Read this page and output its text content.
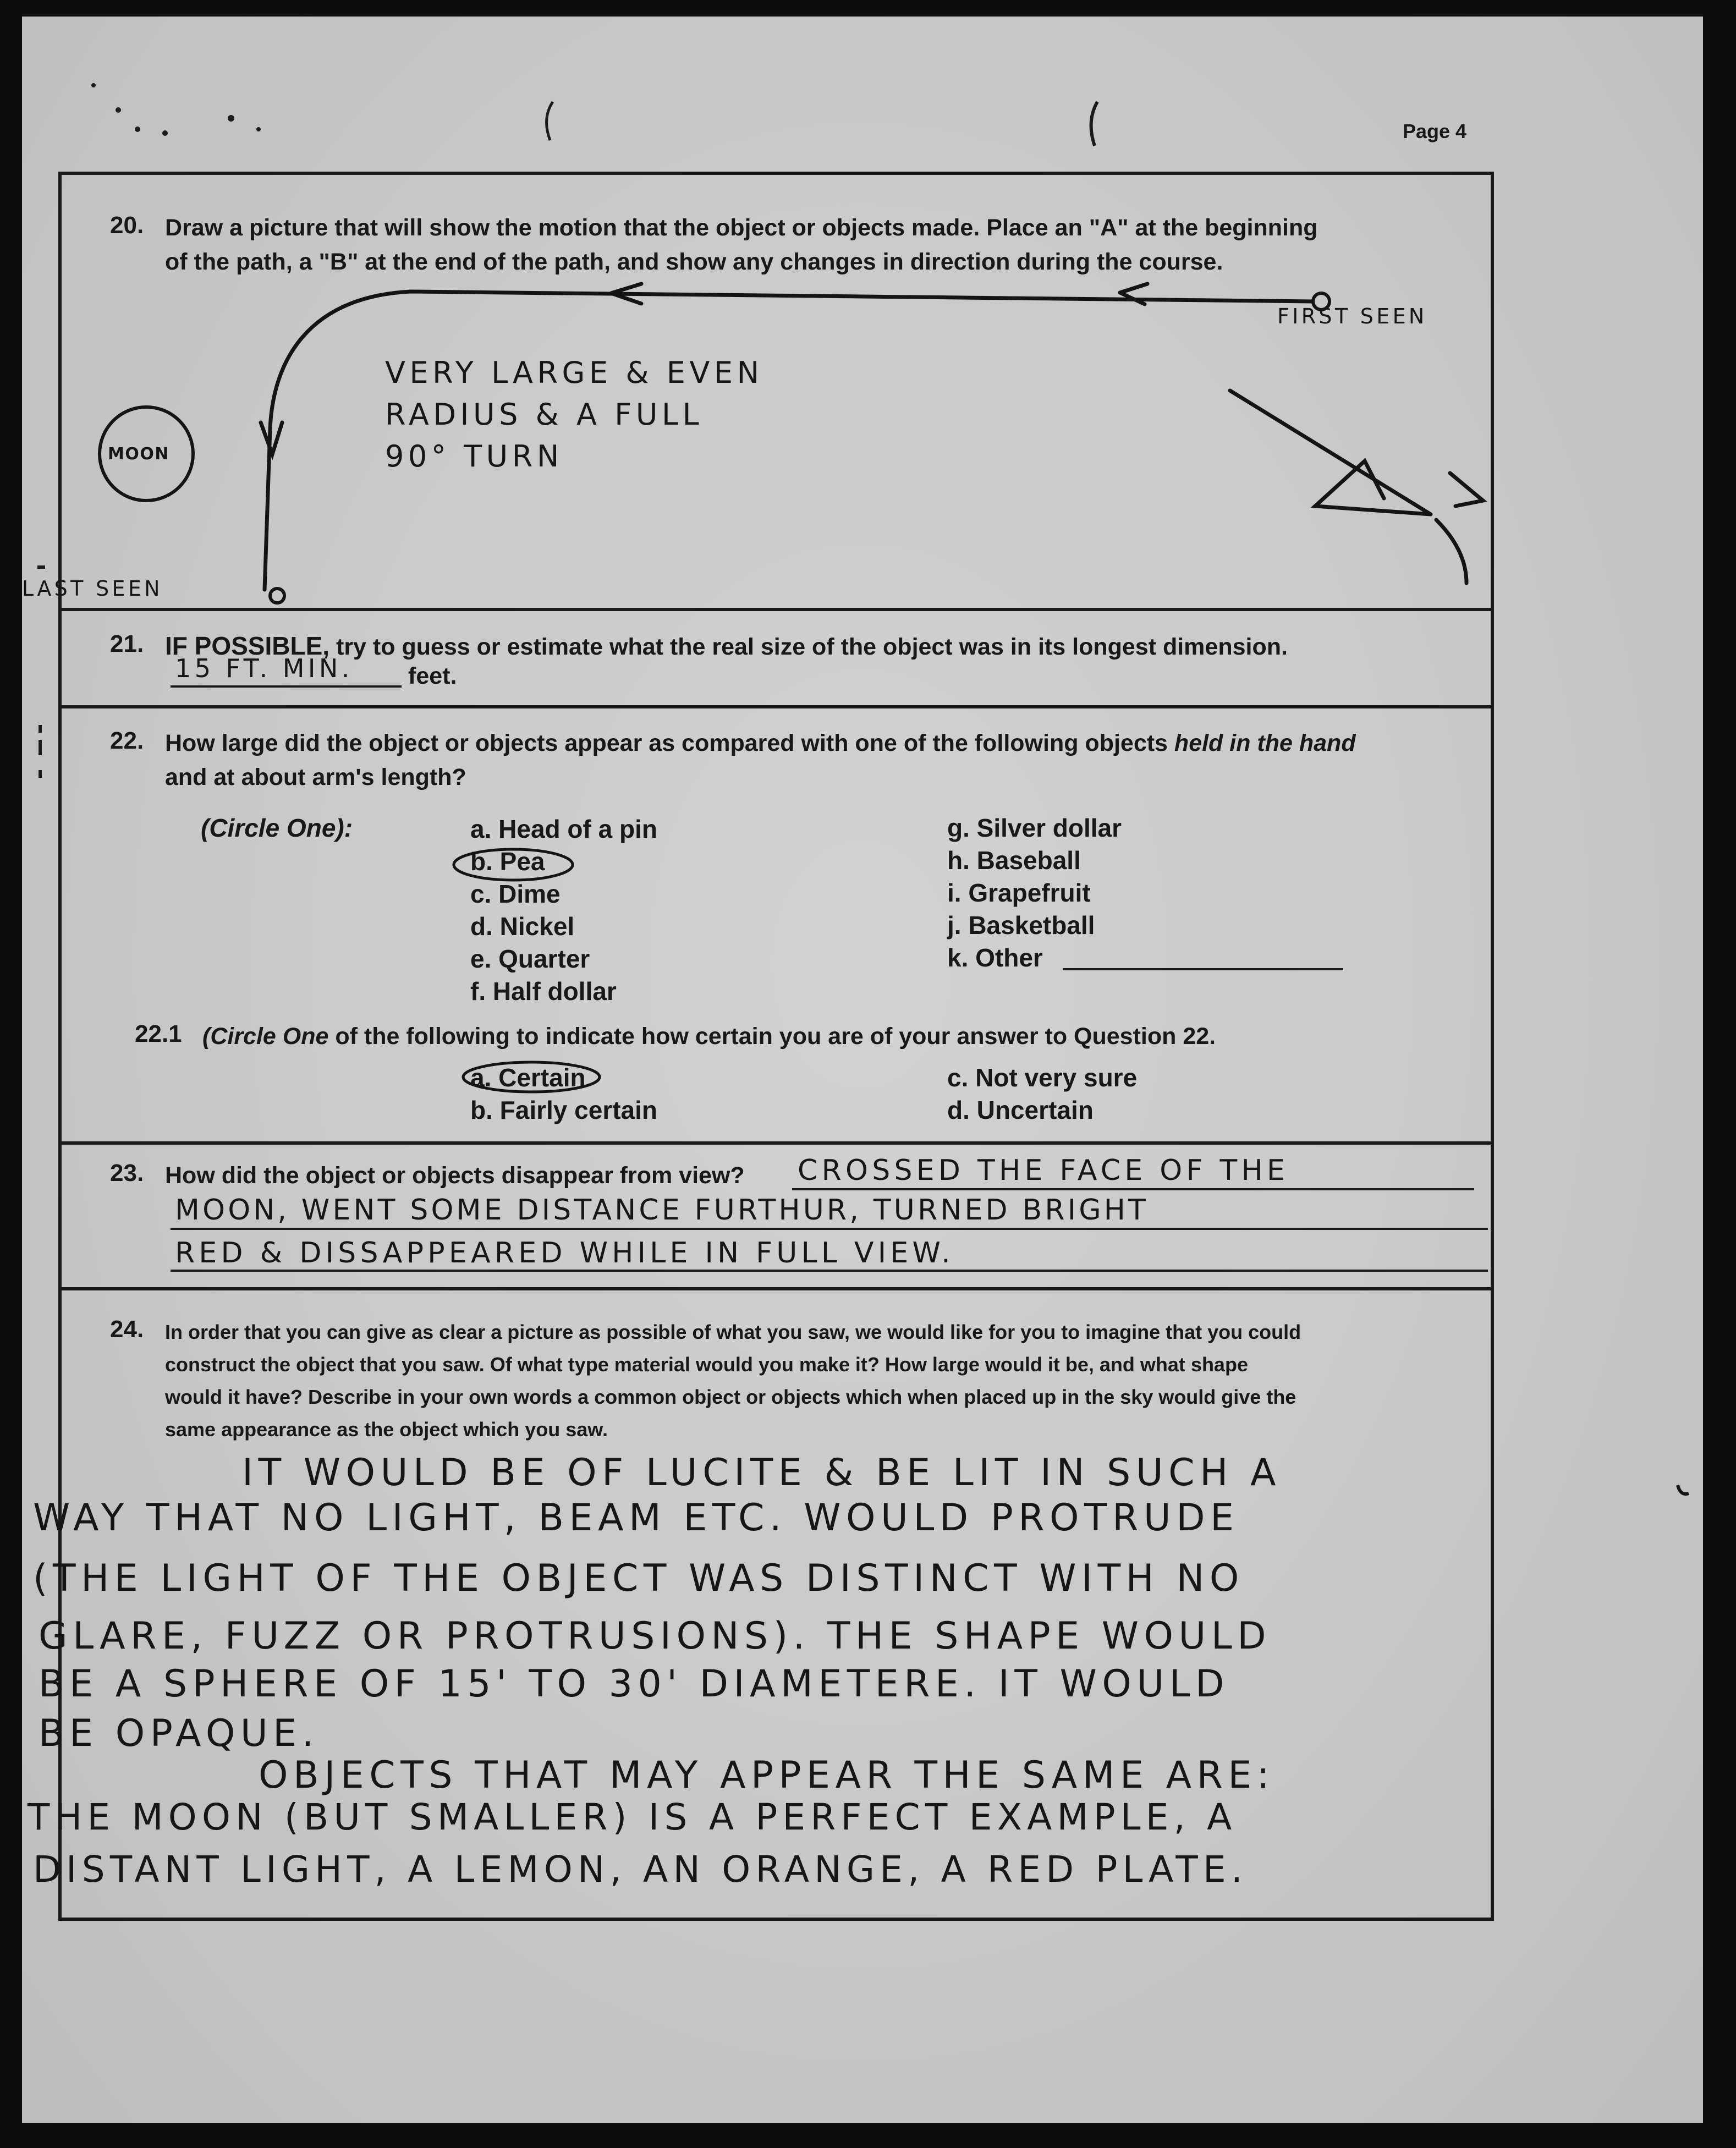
Page 4
20. Draw a picture that will show the motion that the object or objects made. Place an "A" at the beginning
of the path, a "B" at the end of the path, and show any changes in direction during the course.
FIRST SEEN
LAST SEEN
MOON
VERY LARGE & EVEN
RADIUS & A FULL
90° TURN
21. IF POSSIBLE, try to guess or estimate what the real size of the object was in its longest dimension.
15 FT. MIN. feet.
22. How large did the object or objects appear as compared with one of the following objects held in the hand
and at about arm's length?
(Circle One):	a. Head of a pin
b. Pea
c. Dime
d. Nickel
e. Quarter
f. Half dollar
g. Silver dollar
h. Baseball
i. Grapefruit
j. Basketball
k. Other
22.1 (Circle One of the following to indicate how certain you are of your answer to Question 22.
a. Certain
b. Fairly certain
c. Not very sure
d. Uncertain
23. How did the object or objects disappear from view? CROSSED THE FACE OF THE
MOON, WENT SOME DISTANCE FURTHUR, TURNED BRIGHT
RED & DISSAPPEARED WHILE IN FULL VIEW.
24. In order that you can give as clear a picture as possible of what you saw, we would like for you to imagine that you could
construct the object that you saw. Of what type material would you make it? How large would it be, and what shape
would it have? Describe in your own words a common object or objects which when placed up in the sky would give the
same appearance as the object which you saw.
IT WOULD BE OF LUCITE & BE LIT IN SUCH A
WAY THAT NO LIGHT, BEAM ETC. WOULD PROTRUDE
(THE LIGHT OF THE OBJECT WAS DISTINCT WITH NO
GLARE, FUZZ OR PROTRUSIONS). THE SHAPE WOULD
BE A SPHERE OF 15' TO 30' DIAMETERE. IT WOULD
BE OPAQUE.
OBJECTS THAT MAY APPEAR THE SAME ARE:
THE MOON (BUT SMALLER) IS A PERFECT EXAMPLE, A
DISTANT LIGHT, A LEMON, AN ORANGE, A RED PLATE.
